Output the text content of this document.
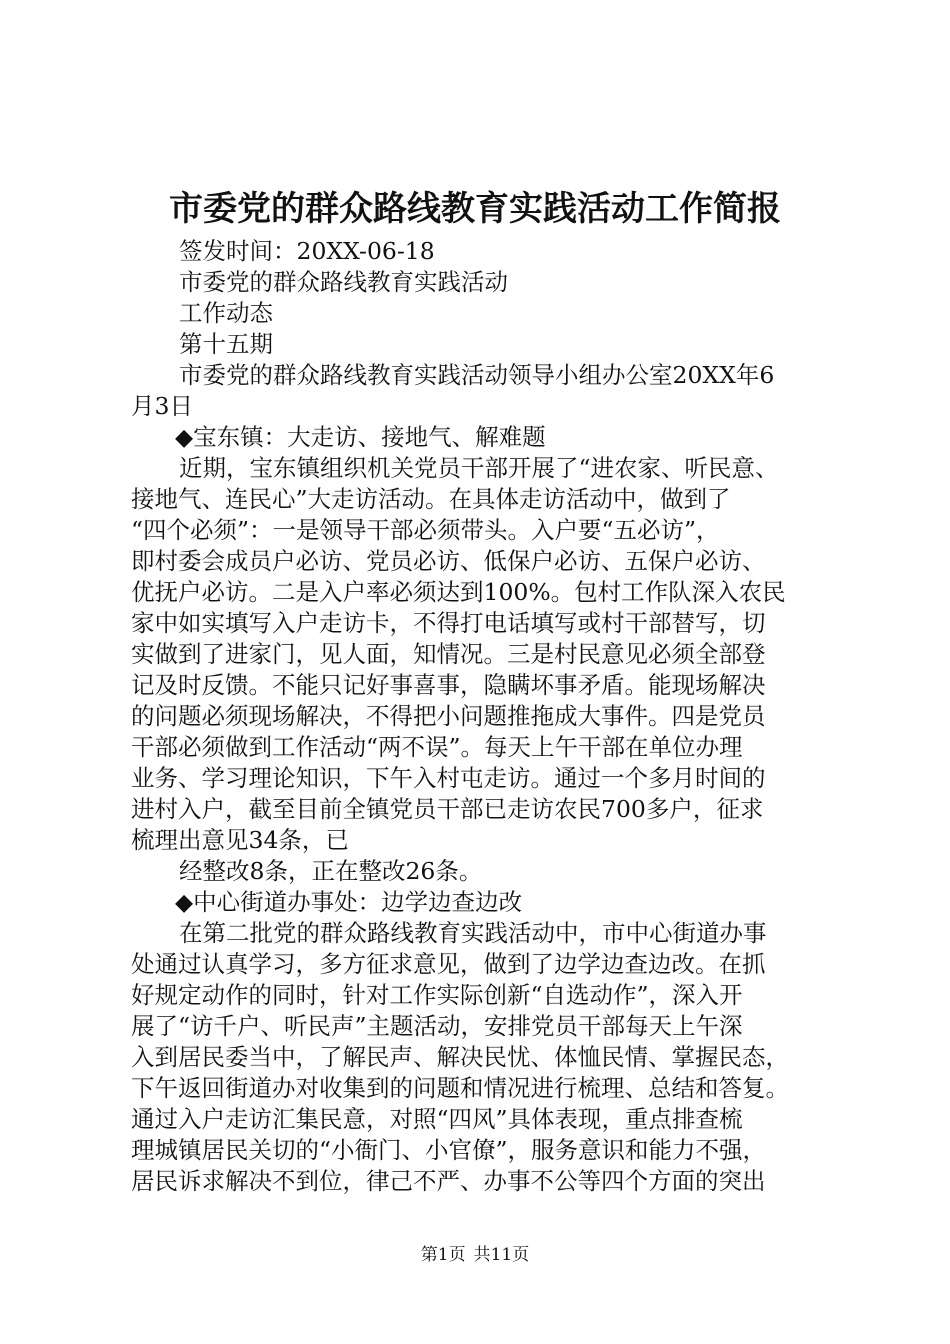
市委党的群众路线教育实践活动工作简报
签发时间：20XX-06-18
市委党的群众路线教育实践活动
工作动态
第十五期
市委党的群众路线教育实践活动领导小组办公室20XX年6
月3日
◆宝东镇：大走访、接地气、解难题
近期，宝东镇组织机关党员干部开展了“进农家、听民意、
接地气、连民心”大走访活动。在具体走访活动中，做到了
“四个必须”：一是领导干部必须带头。入户要“五必访”，
即村委会成员户必访、党员必访、低保户必访、五保户必访、
优抚户必访。二是入户率必须达到100%。包村工作队深入农民
家中如实填写入户走访卡，不得打电话填写或村干部替写，切
实做到了进家门，见人面，知情况。三是村民意见必须全部登
记及时反馈。不能只记好事喜事，隐瞒坏事矛盾。能现场解决
的问题必须现场解决，不得把小问题推拖成大事件。四是党员
干部必须做到工作活动“两不误”。每天上午干部在单位办理
业务、学习理论知识，下午入村屯走访。通过一个多月时间的
进村入户，截至目前全镇党员干部已走访农民700多户，征求
梳理出意见34条，已
经整改8条，正在整改26条。
◆中心街道办事处：边学边查边改
在第二批党的群众路线教育实践活动中，市中心街道办事
处通过认真学习，多方征求意见，做到了边学边查边改。在抓
好规定动作的同时，针对工作实际创新“自选动作”，深入开
展了“访千户、听民声”主题活动，安排党员干部每天上午深
入到居民委当中，了解民声、解决民忧、体恤民情、掌握民态，
下午返回街道办对收集到的问题和情况进行梳理、总结和答复。
通过入户走访汇集民意，对照“四风”具体表现，重点排查梳
理城镇居民关切的“小衙门、小官僚”，服务意识和能力不强，
居民诉求解决不到位，律己不严、办事不公等四个方面的突出
第1页 共11页
